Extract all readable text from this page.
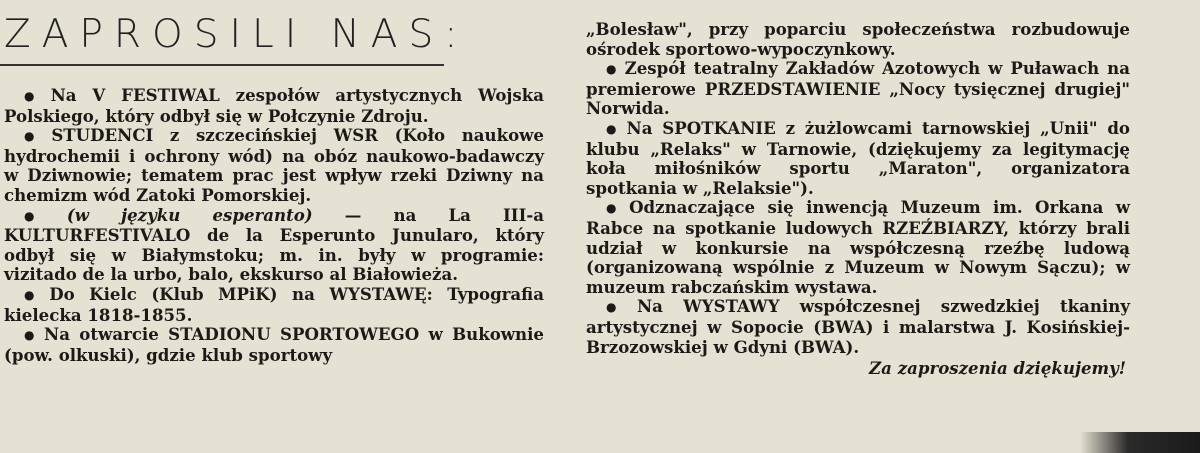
ZAPROSILI NAS:

● Na V FESTIWAL zespołów artystycznych Wojska Polskiego, który odbył się w Połczynie Zdroju.

● STUDENCI z szczecińskiej WSR (Koło naukowe hydrochemii i ochrony wód) na obóz naukowo-badawczy w Dziwnowie; tematem prac jest wpływ rzeki Dziwny na chemizm wód Zatoki Pomorskiej.

● (w języku esperanto) — na La III-a KULTURFESTIVALO de la Esperunto Junularo, który odbył się w Białymstoku; m. in. były w programie: vizitado de la urbo, balo, ekskurso al Białowieża.

● Do Kielc (Klub MPiK) na WYSTAWĘ: Typografia kielecka 1818-1855.

● Na otwarcie STADIONU SPORTOWEGO w Bukownie (pow. olkuski), gdzie klub sportowy

„Bolesław", przy poparciu społeczeństwa rozbudowuje ośrodek sportowo-wypoczynkowy.

● Zespół teatralny Zakładów Azotowych w Puławach na premierowe PRZEDSTAWIENIE „Nocy tysięcznej drugiej" Norwida.

● Na SPOTKANIE z żużlowcami tarnowskiej „Unii" do klubu „Relaks" w Tarnowie, (dziękujemy za legitymację koła miłośników sportu „Maraton", organizatora spotkania w „Relaksie").

● Odznaczające się inwencją Muzeum im. Orkana w Rabce na spotkanie ludowych RZEŹBIARZY, którzy brali udział w konkursie na współczesną rzeźbę ludową (organizowaną wspólnie z Muzeum w Nowym Sączu); w muzeum rabczańskim wystawa.

● Na WYSTAWY współczesnej szwedzkiej tkaniny artystycznej w Sopocie (BWA) i malarstwa J. Kosińskiej-Brzozowskiej w Gdyni (BWA).

Za zaproszenia dziękujemy!
